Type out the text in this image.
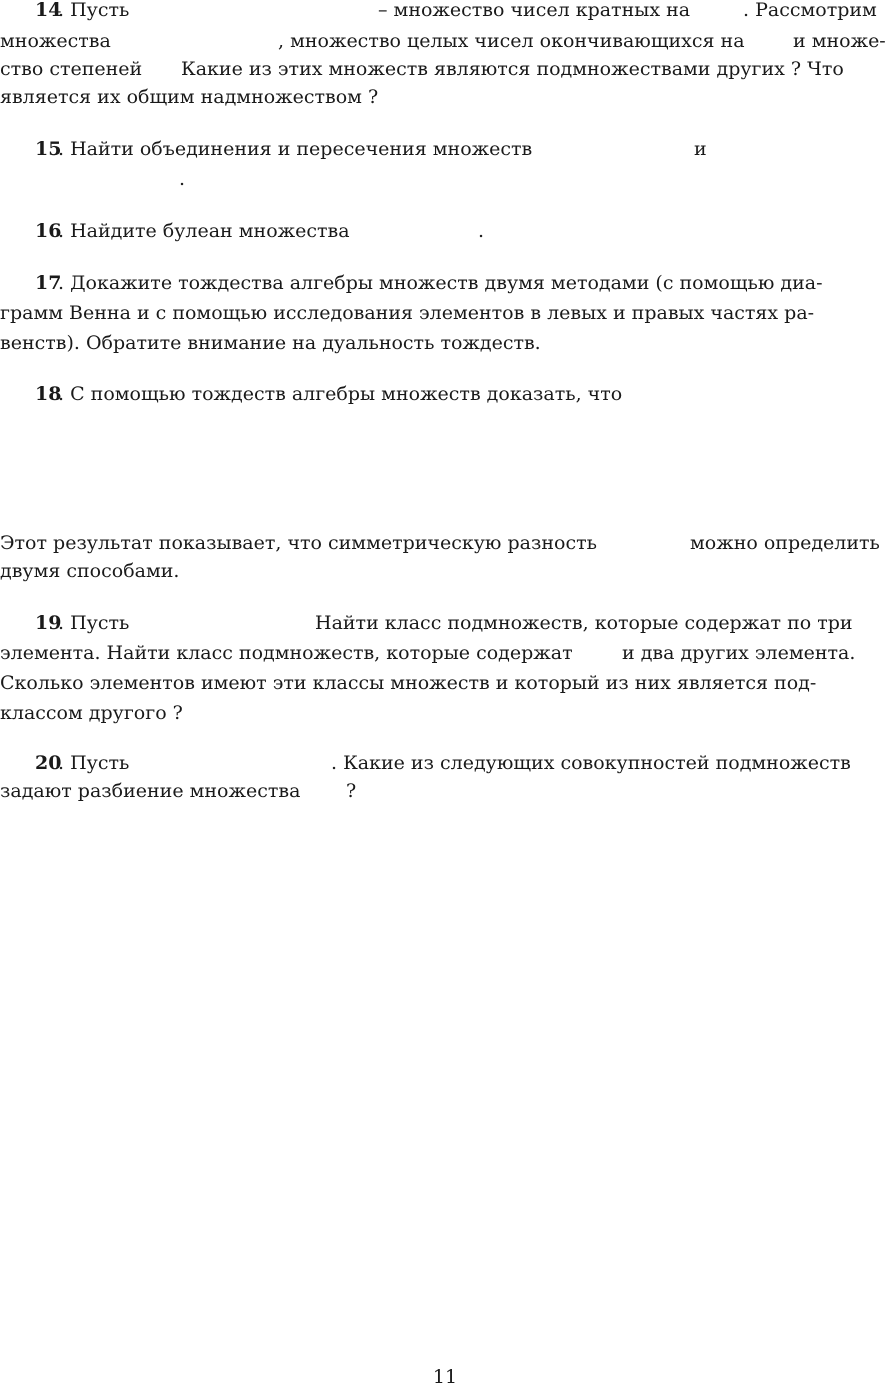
14

. Пусть

	– множество чисел кратных на

	. Рассмотрим

множества

	, множество целых чисел окончивающихся на

	и множе-

ство степеней

Какие из этих множеств являются подмножествами других ? Что

является их общим надмножеством ?

15

. Найти объединения и пересечения множеств

	и

.

16

. Найдите булеан множества

	.

17

. Докажите тождества алгебры множеств двумя методами (с помощью диа-

грамм Венна и с помощью исследования элементов в левых и правых частях ра-

венств). Обратите внимание на дуальность тождеств.

18

. С помощью тождеств алгебры множеств доказать, что

Этот результат показывает, что симметрическую разность

	можно определить

двумя способами.

19

. Пусть

	Найти класс подмножеств, которые содержат по три

элемента. Найти класс подмножеств, которые содержат

	и два других элемента.

Сколько элементов имеют эти классы множеств и который из них является под-

классом другого ?

20

. Пусть

	. Какие из следующих совокупностей подмножеств

задают разбиение множества

?

11
